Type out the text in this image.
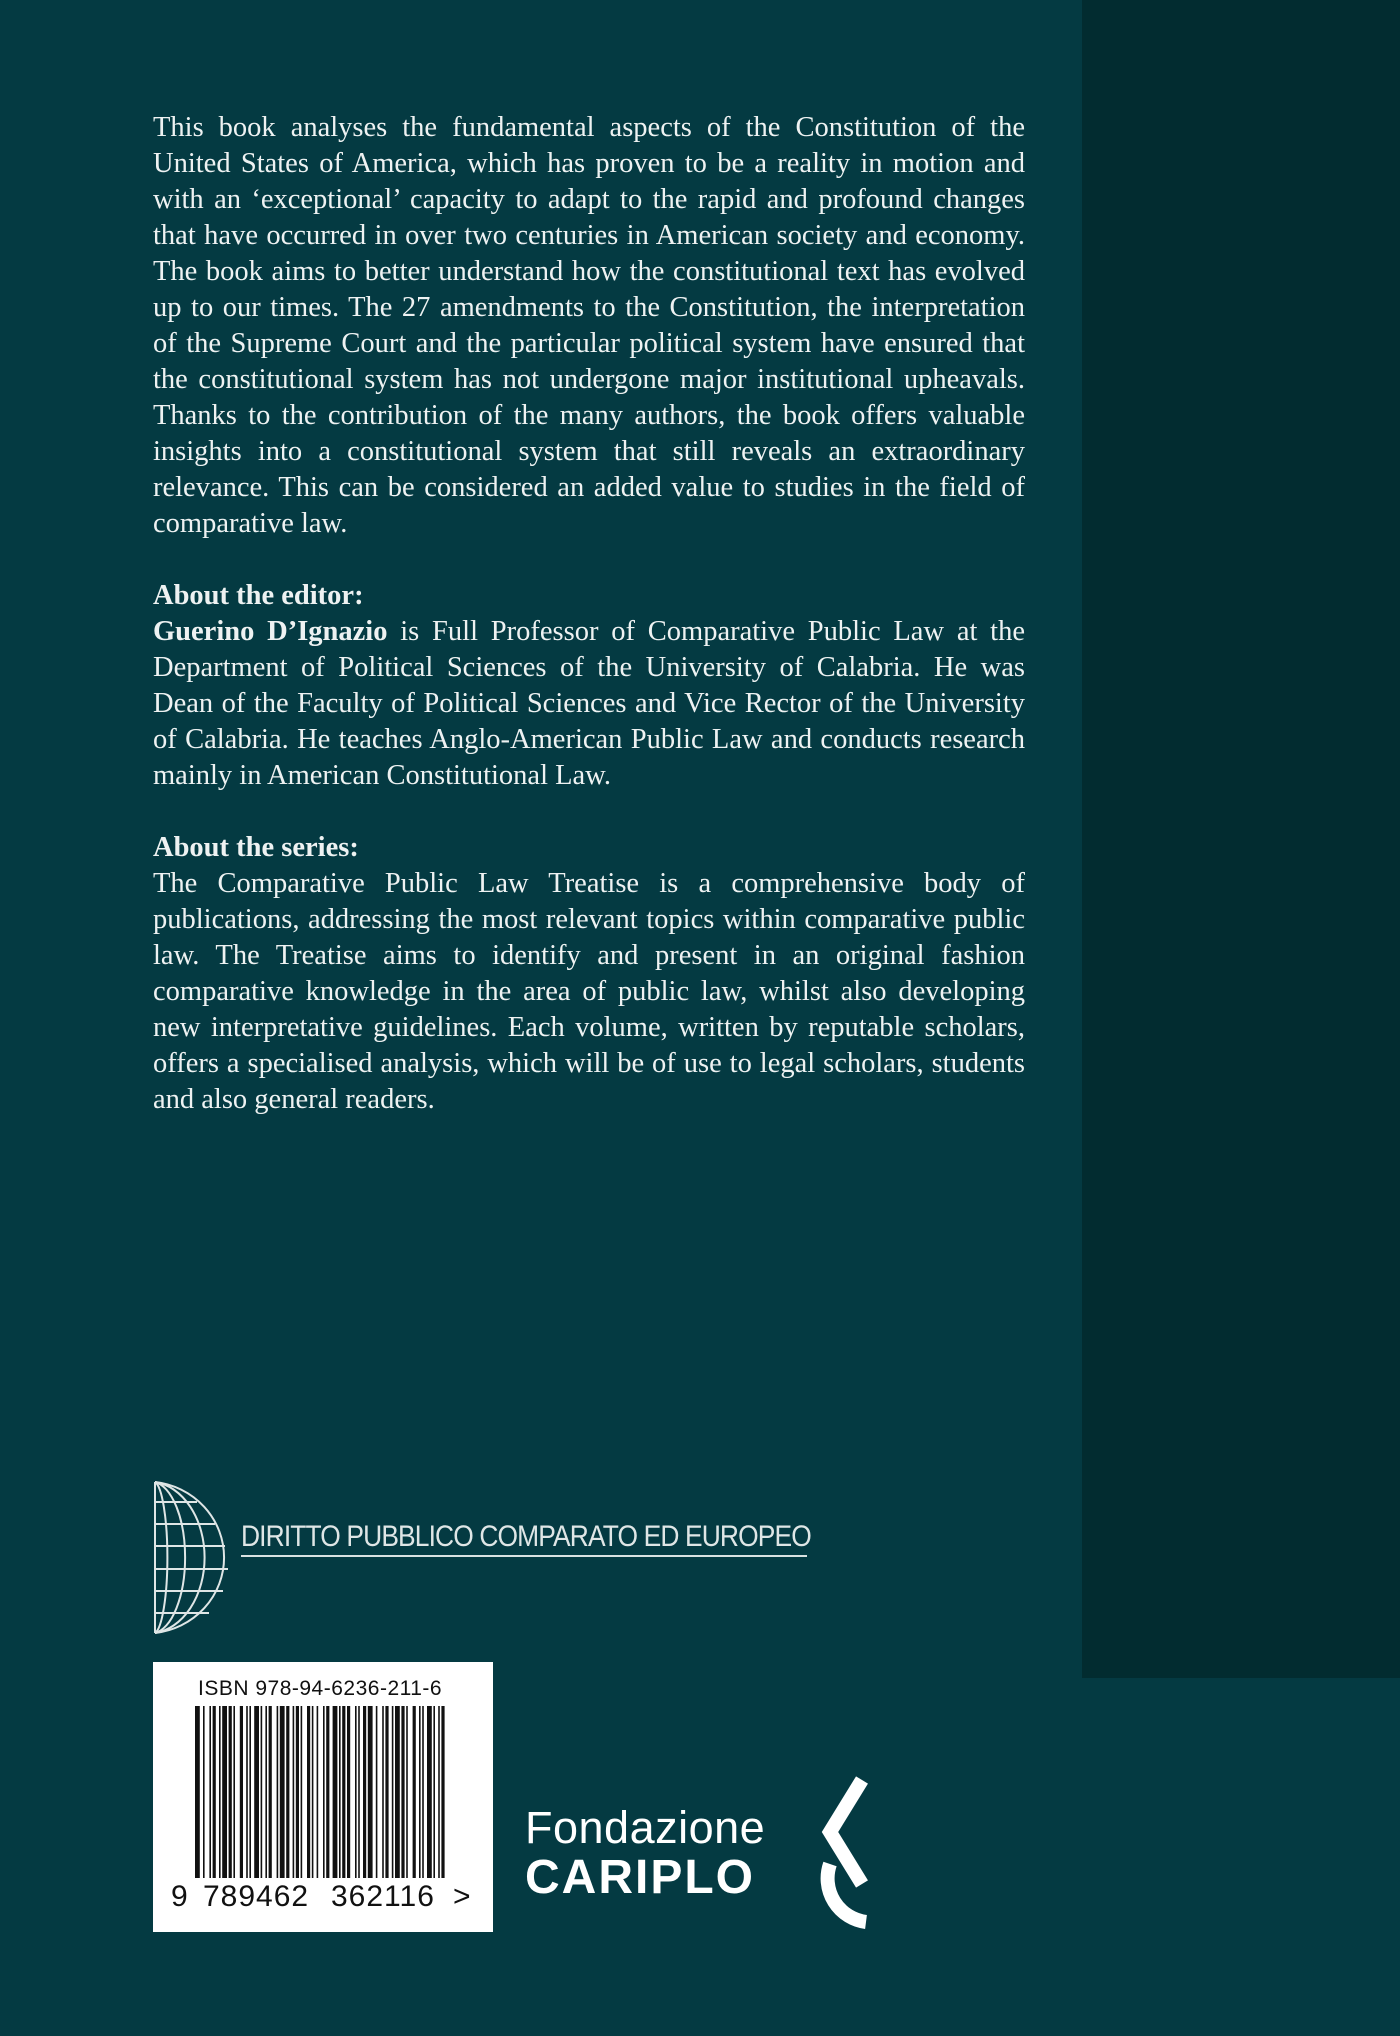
This book analyses the fundamental aspects of the Constitution of the United States of America, which has proven to be a reality in motion and with an ‘exceptional’ capacity to adapt to the rapid and profound changes that have occurred in over two centuries in American society and economy. The book aims to better understand how the constitutional text has evolved up to our times. The 27 amendments to the Constitution, the interpretation of the Supreme Court and the particular political system have ensured that the constitutional system has not undergone major institutional upheavals. Thanks to the contribution of the many authors, the book offers valuable insights into a constitutional system that still reveals an extraordinary relevance. This can be considered an added value to studies in the field of comparative law.

About the editor:

Guerino D’Ignazio is Full Professor of Comparative Public Law at the Department of Political Sciences of the University of Calabria. He was Dean of the Faculty of Political Sciences and Vice Rector of the University of Calabria. He teaches Anglo-American Public Law and conducts research mainly in American Constitutional Law.

About the series:

The Comparative Public Law Treatise is a comprehensive body of publications, addressing the most relevant topics within comparative public law. The Treatise aims to identify and present in an original fashion comparative knowledge in the area of public law, whilst also developing new interpretative guidelines. Each volume, written by reputable scholars, offers a specialised analysis, which will be of use to legal scholars, students and also general readers.

DIRITTO PUBBLICO COMPARATO ED EUROPEO
ISBN 978-94-6236-211-6
9 789462 362116 >
Fondazione
CARIPLO
